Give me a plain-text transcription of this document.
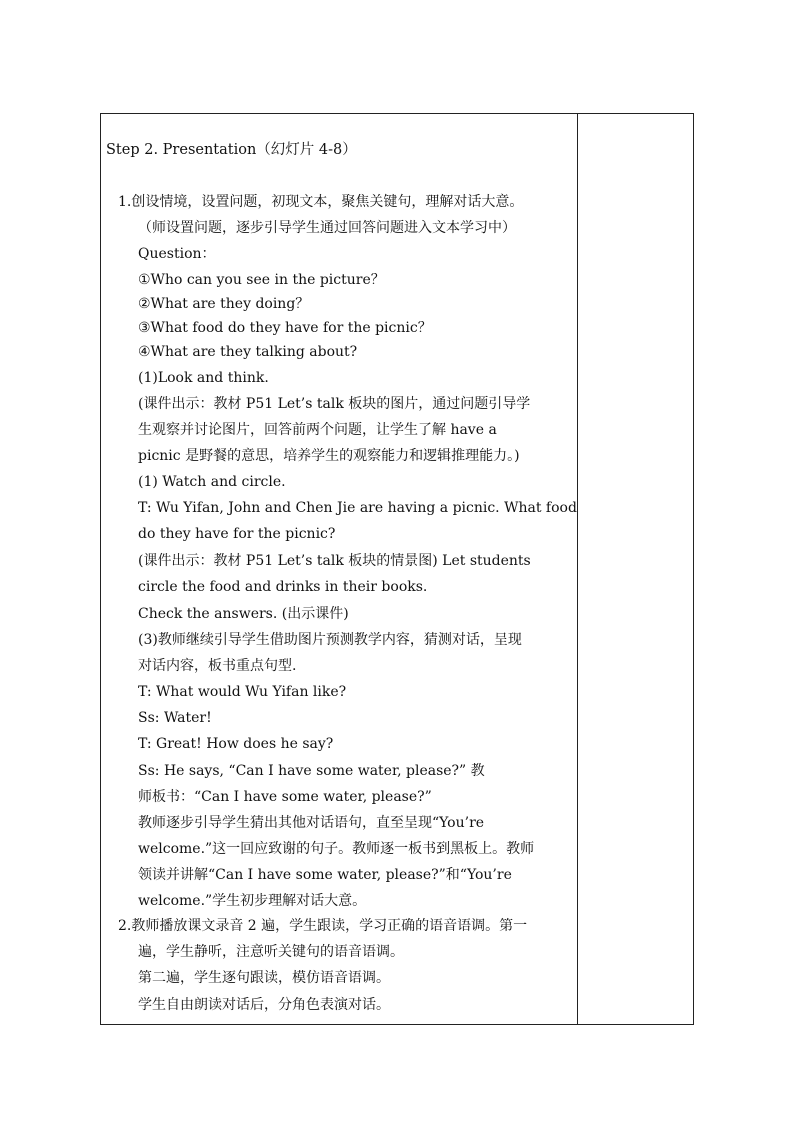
Step 2. Presentation（幻灯片 4-8）
1.创设情境，设置问题，初现文本，聚焦关键句，理解对话大意。
（师设置问题，逐步引导学生通过回答问题进入文本学习中）
Question：
①Who can you see in the picture？
②What are they doing？
③What food do they have for the picnic？
④What are they talking about?
(1)Look and think.
(课件出示：教材 P51 Let’s talk 板块的图片，通过问题引导学
生观察并讨论图片，回答前两个问题，让学生了解 have a
picnic 是野餐的意思，培养学生的观察能力和逻辑推理能力。)
(1) Watch and circle.
T: Wu Yifan, John and Chen Jie are having a picnic. What food
do they have for the picnic?
(课件出示：教材 P51 Let’s talk 板块的情景图) Let students
circle the food and drinks in their books.
Check the answers. (出示课件)
(3)教师继续引导学生借助图片预测教学内容，猜测对话，呈现
对话内容，板书重点句型.
T: What would Wu Yifan like?
Ss: Water!
T: Great! How does he say?
Ss: He says, “Can I have some water, please?” 教
师板书：“Can I have some water, please?”
教师逐步引导学生猜出其他对话语句，直至呈现“You’re
welcome.”这一回应致谢的句子。教师逐一板书到黑板上。教师
领读并讲解“Can I have some water, please?”和“You’re
welcome.”学生初步理解对话大意。
2.教师播放课文录音 2 遍，学生跟读，学习正确的语音语调。第一
遍，学生静听，注意听关键句的语音语调。
第二遍，学生逐句跟读，模仿语音语调。
学生自由朗读对话后，分角色表演对话。
